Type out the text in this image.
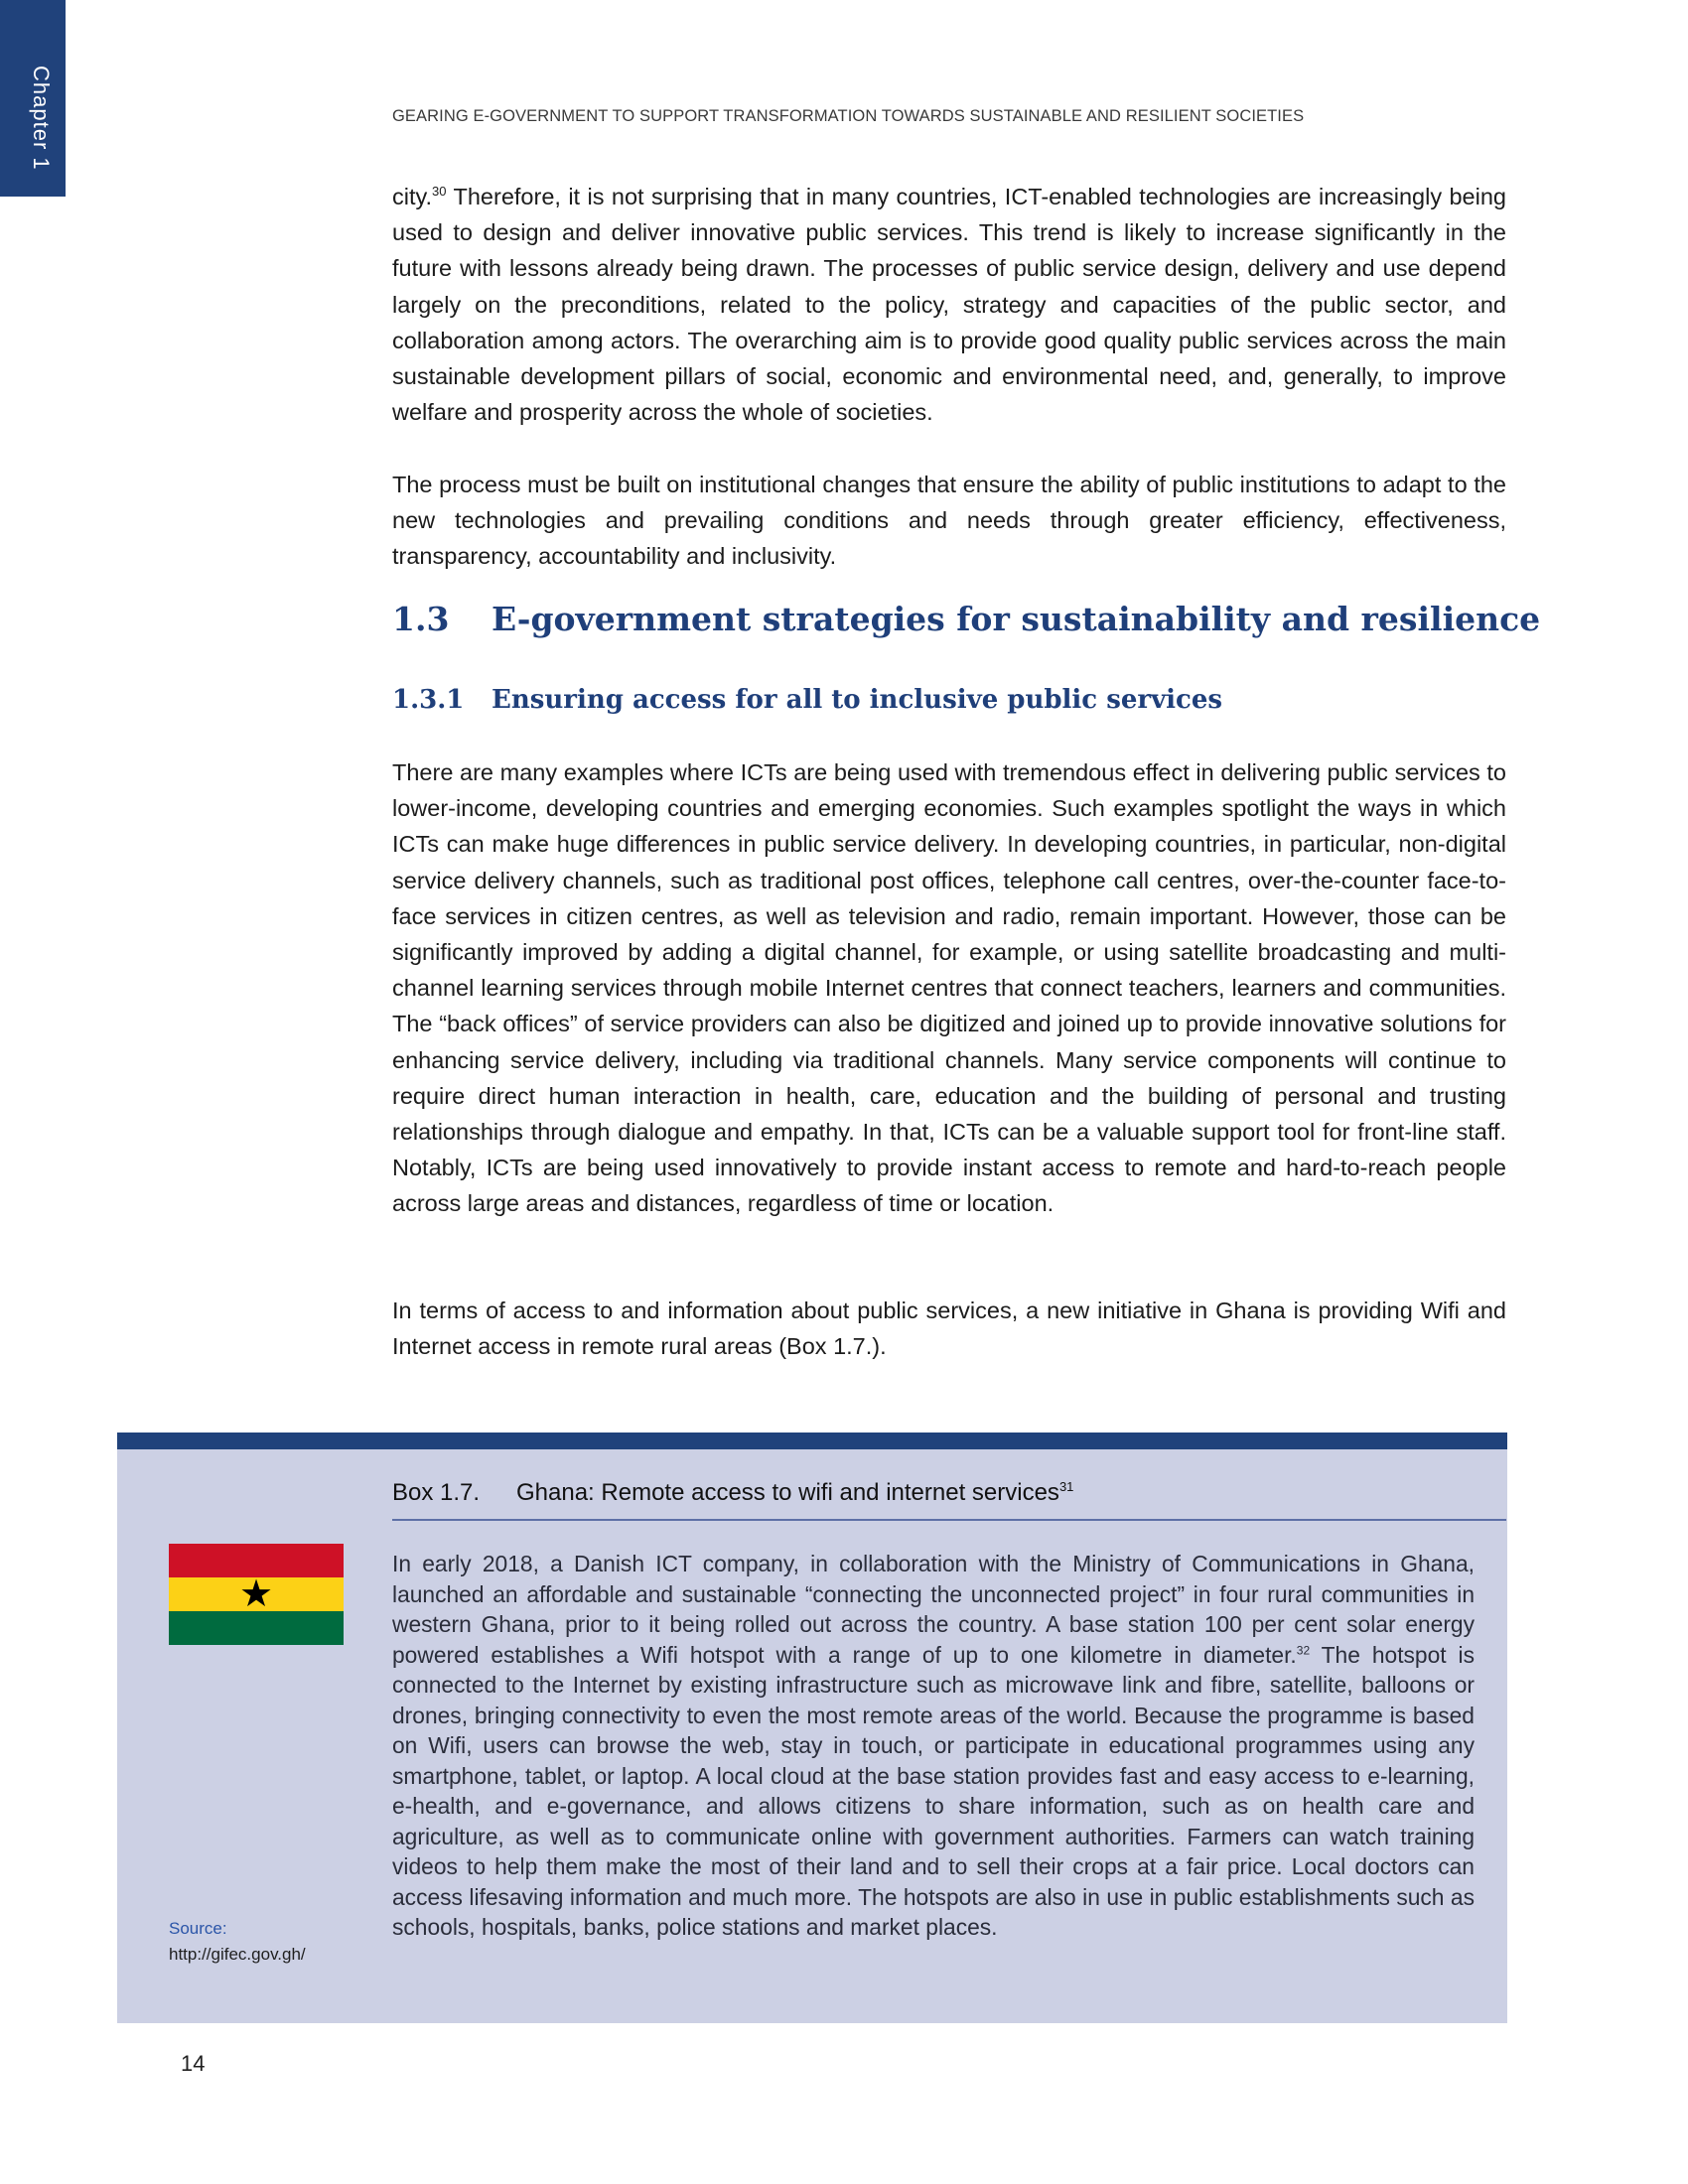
Chapter 1	GEARING E-GOVERNMENT TO SUPPORT TRANSFORMATION TOWARDS SUSTAINABLE AND RESILIENT SOCIETIES

city.$^{30}$ Therefore, it is not surprising that in many countries, ICT-enabled technologies are increasingly being used to design and deliver innovative public services. This trend is likely to increase significantly in the future with lessons already being drawn. The processes of public service design, delivery and use depend largely on the preconditions, related to the policy, strategy and capacities of the public sector, and collaboration among actors. The overarching aim is to provide good quality public services across the main sustainable development pillars of social, economic and environmental need, and, generally, to improve welfare and prosperity across the whole of societies.

The process must be built on institutional changes that ensure the ability of public institutions to adapt to the new technologies and prevailing conditions and needs through greater efficiency, effectiveness, transparency, accountability and inclusivity.

1.3 E-government strategies for sustainability and resilience
1.3.1 Ensuring access for all to inclusive public services

There are many examples where ICTs are being used with tremendous effect in delivering public services to lower-income, developing countries and emerging economies. Such examples spotlight the ways in which ICTs can make huge differences in public service delivery. In developing countries, in particular, non-digital service delivery channels, such as traditional post offices, telephone call centres, over-the-counter face-to-face services in citizen centres, as well as television and radio, remain important. However, those can be significantly improved by adding a digital channel, for example, or using satellite broadcasting and multi-channel learning services through mobile Internet centres that connect teachers, learners and communities. The “back offices” of service providers can also be digitized and joined up to provide innovative solutions for enhancing service delivery, including via traditional channels. Many service components will continue to require direct human interaction in health, care, education and the building of personal and trusting relationships through dialogue and empathy. In that, ICTs can be a valuable support tool for front-line staff. Notably, ICTs are being used innovatively to provide instant access to remote and hard-to-reach people across large areas and distances, regardless of time or location.

In terms of access to and information about public services, a new initiative in Ghana is providing Wifi and Internet access in remote rural areas (Box 1.7.).

Box 1.7. Ghana: Remote access to wifi and internet services$^{31}$
★

In early 2018, a Danish ICT company, in collaboration with the Ministry of Communications in Ghana, launched an affordable and sustainable “connecting the unconnected project” in four rural communities in western Ghana, prior to it being rolled out across the country. A base station 100 per cent solar energy powered establishes a Wifi hotspot with a range of up to one kilometre in diameter.$^{32}$ The hotspot is connected to the Internet by existing infrastructure such as microwave link and fibre, satellite, balloons or drones, bringing connectivity to even the most remote areas of the world. Because the programme is based on Wifi, users can browse the web, stay in touch, or participate in educational programmes using any smartphone, tablet, or laptop. A local cloud at the base station provides fast and easy access to e-learning, e-health, and e-governance, and allows citizens to share information, such as on health care and agriculture, as well as to communicate online with government authorities. Farmers can watch training videos to help them make the most of their land and to sell their crops at a fair price. Local doctors can access lifesaving information and much more. The hotspots are also in use in public establishments such as schools, hospitals, banks, police stations and market places.

Source: http://gifec.gov.gh/
14
